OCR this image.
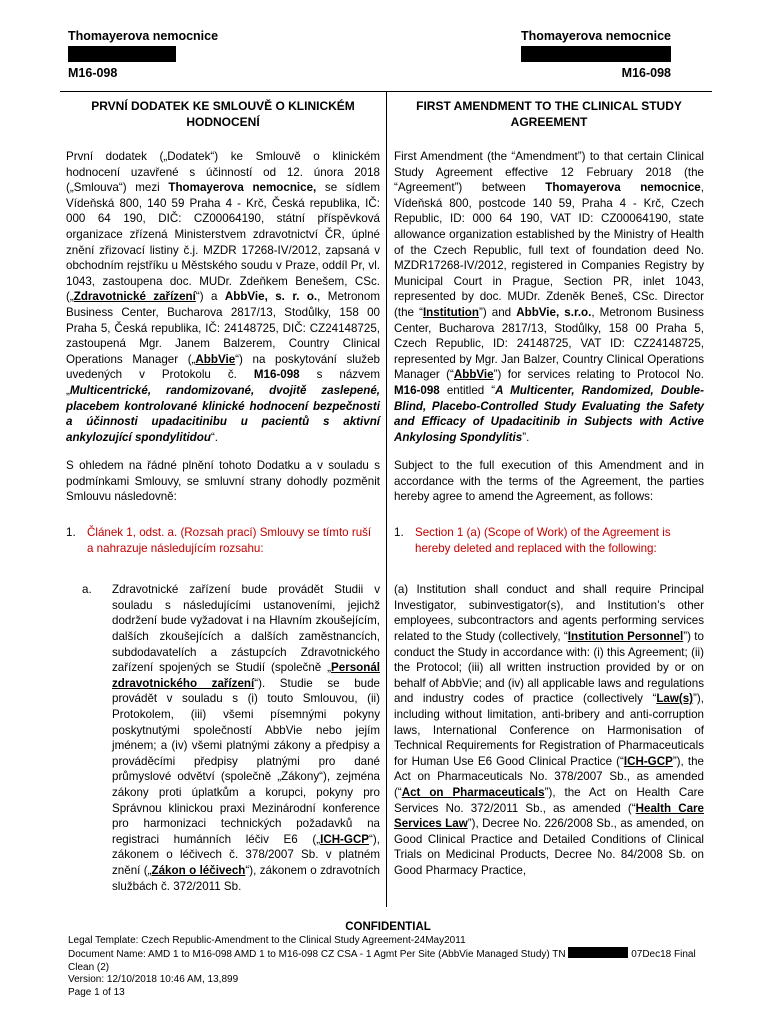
Thomayerova nemocnice
M16-098
Thomayerova nemocnice
M16-098
PRVNÍ DODATEK KE SMLOUVĚ O KLINICKÉM HODNOCENÍ

První dodatek („Dodatek“) ke Smlouvě o klinickém hodnocení uzavřené s účinností od 12. února 2018 („Smlouva“) mezi Thomayerova nemocnice, se sídlem Vídeňská 800, 140 59 Praha 4 - Krč, Česká republika, IČ: 000 64 190, DIČ: CZ00064190, státní příspěvková organizace zřízená Ministerstvem zdravotnictví ČR, úplné znění zřizovací listiny č.j. MZDR 17268-IV/2012, zapsaná v obchodním rejstříku u Městského soudu v Praze, oddíl Pr, vl. 1043, zastoupena doc. MUDr. Zdeňkem Benešem, CSc. („Zdravotnické zařízení“) a AbbVie, s. r. o., Metronom Business Center, Bucharova 2817/13, Stodůlky, 158 00 Praha 5, Česká republika, IČ: 24148725, DIČ: CZ24148725, zastoupená Mgr. Janem Balzerem, Country Clinical Operations Manager („AbbVie“) na poskytování služeb uvedených v Protokolu č. M16-098 s názvem „Multicentrické, randomizované, dvojitě zaslepené, placebem kontrolované klinické hodnocení bezpečnosti a účinnosti upadacitinibu u pacientů s aktivní ankylozující spondylitidou“.

S ohledem na řádné plnění tohoto Dodatku a v souladu s podmínkami Smlouvy, se smluvní strany dohodly pozměnit Smlouvu následovně:

1. Článek 1, odst. a. (Rozsah prací) Smlouvy se tímto ruší a nahrazuje následujícím rozsahu:
a.	Zdravotnické zařízení bude provádět Studii v souladu s následujícími ustanoveními, jejichž dodržení bude vyžadovat i na Hlavním zkoušejícím, dalších zkoušejících a dalších zaměstnancích, subdodavatelích a zástupcích Zdravotnického zařízení spojených se Studií (společně „Personál zdravotnického zařízení“). Studie se bude provádět v souladu s (i) touto Smlouvou, (ii) Protokolem, (iii) všemi písemnými pokyny poskytnutými společností AbbVie nebo jejím jménem; a (iv) všemi platnými zákony a předpisy a prováděcími předpisy platnými pro dané průmyslové odvětví (společně „Zákony“), zejména zákony proti úplatkům a korupci, pokyny pro Správnou klinickou praxi Mezinárodní konference pro harmonizaci technických požadavků na registraci humánních léčiv E6 („ICH-GCP“), zákonem o léčivech č. 378/2007 Sb. v platném znění („Zákon o léčivech“), zákonem o zdravotních službách č. 372/2011 Sb.
FIRST AMENDMENT TO THE CLINICAL STUDY AGREEMENT

First Amendment (the “Amendment”) to that certain Clinical Study Agreement effective 12 February 2018 (the “Agreement”) between Thomayerova nemocnice, Vídeňská 800, postcode 140 59, Praha 4 - Krč, Czech Republic, ID: 000 64 190, VAT ID: CZ00064190, state allowance organization established by the Ministry of Health of the Czech Republic, full text of foundation deed No. MZDR17268-IV/2012, registered in Companies Registry by Municipal Court in Prague, Section PR, inlet 1043, represented by doc. MUDr. Zdeněk Beneš, CSc. Director (the “Institution”) and AbbVie, s.r.o., Metronom Business Center, Bucharova 2817/13, Stodůlky, 158 00 Praha 5, Czech Republic, ID: 24148725, VAT ID: CZ24148725, represented by Mgr. Jan Balzer, Country Clinical Operations Manager (“AbbVie”) for services relating to Protocol No. M16-098 entitled “A Multicenter, Randomized, Double-Blind, Placebo-Controlled Study Evaluating the Safety and Efficacy of Upadacitinib in Subjects with Active Ankylosing Spondylitis”.

Subject to the full execution of this Amendment and in accordance with the terms of the Agreement, the parties hereby agree to amend the Agreement, as follows:

1. Section 1 (a) (Scope of Work) of the Agreement is hereby deleted and replaced with the following:
(a) Institution shall conduct and shall require Principal Investigator, subinvestigator(s), and Institution’s other employees, subcontractors and agents performing services related to the Study (collectively, “Institution Personnel”) to conduct the Study in accordance with: (i) this Agreement; (ii) the Protocol; (iii) all written instruction provided by or on behalf of AbbVie; and (iv) all applicable laws and regulations and industry codes of practice (collectively “Law(s)”), including without limitation, anti-bribery and anti-corruption laws, International Conference on Harmonisation of Technical Requirements for Registration of Pharmaceuticals for Human Use E6 Good Clinical Practice (“ICH-GCP”), the Act on Pharmaceuticals No. 378/2007 Sb., as amended (“Act on Pharmaceuticals”), the Act on Health Care Services No. 372/2011 Sb., as amended (“Health Care Services Law”), Decree No. 226/2008 Sb., as amended, on Good Clinical Practice and Detailed Conditions of Clinical Trials on Medicinal Products, Decree No. 84/2008 Sb. on Good Pharmacy Practice,
CONFIDENTIAL
Legal Template: Czech Republic-Amendment to the Clinical Study Agreement-24May2011
Document Name: AMD 1 to M16-098 AMD 1 to M16-098 CZ CSA - 1 Agmt Per Site (AbbVie Managed Study) TN	07Dec18 Final
Clean (2)
Version: 12/10/2018 10:46 AM, 13,899
Page 1 of 13
